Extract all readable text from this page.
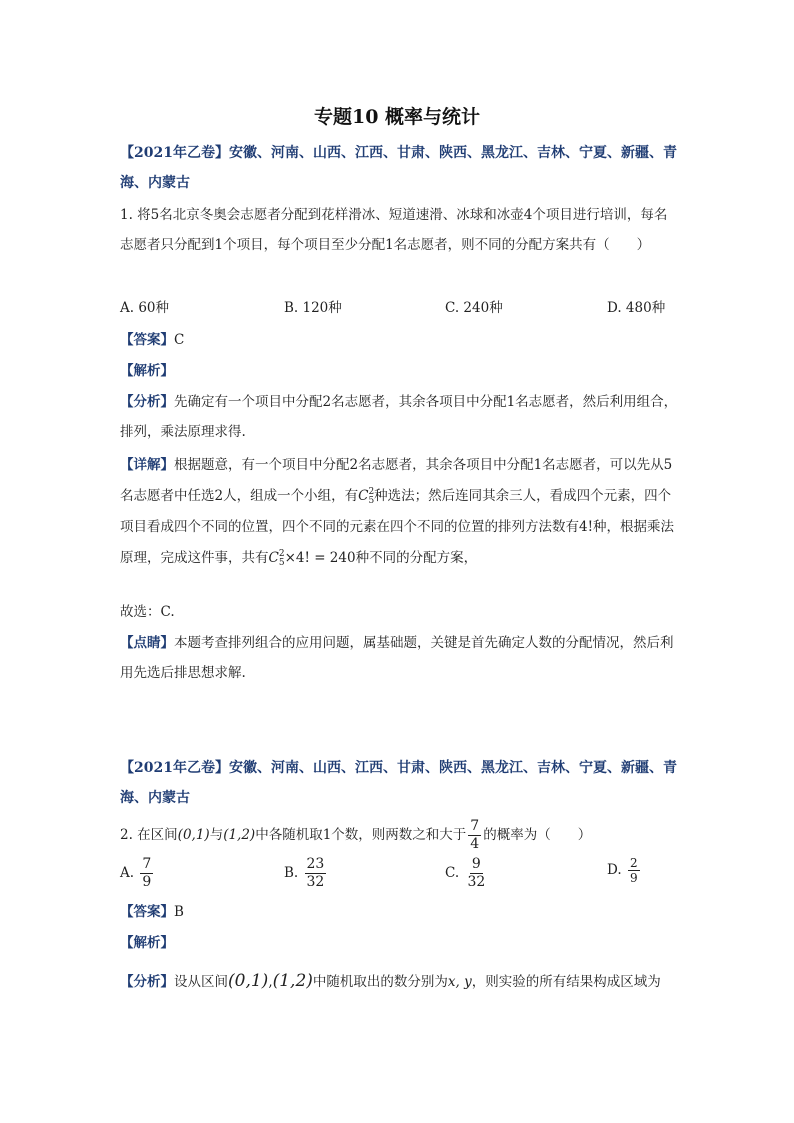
专题10 概率与统计
【2021年乙卷】安徽、河南、山西、江西、甘肃、陕西、黑龙江、吉林、宁夏、新疆、青海、内蒙古
1. 将5名北京冬奥会志愿者分配到花样滑冰、短道速滑、冰球和冰壶4个项目进行培训，每名志愿者只分配到1个项目，每个项目至少分配1名志愿者，则不同的分配方案共有（　　）
A. 60种	B. 120种	C. 240种	D. 480种
【答案】C
【解析】
【分析】先确定有一个项目中分配2名志愿者，其余各项目中分配1名志愿者，然后利用组合，排列，乘法原理求得.
【详解】根据题意，有一个项目中分配2名志愿者，其余各项目中分配1名志愿者，可以先从5名志愿者中任选2人，组成一个小组，有C 2
5 种选法；然后连同其余三人，看成四个元素，四个项目看成四个不同的位置，四个不同的元素在四个不同的位置的排列方法数有4!种，根据乘法原理，完成这件事，共有C 2
5 ×4! = 240种不同的分配方案，
故选：C.
【点睛】本题考查排列组合的应用问题，属基础题，关键是首先确定人数的分配情况，然后利用先选后排思想求解.
【2021年乙卷】安徽、河南、山西、江西、甘肃、陕西、黑龙江、吉林、宁夏、新疆、青海、内蒙古
2. 在区间(0,1)与(1,2)中各随机取1个数，则两数之和大于 $\frac{7}{4}$ 的概率为（　　）
A. $\frac{7}{9}$	B. $\frac{23}{32}$	C. $\frac{9}{32}$	D. $\frac{2}{9}$
【答案】B
【解析】
【分析】设从区间(0,1),(1,2)中随机取出的数分别为x, y，则实验的所有结果构成区域为
